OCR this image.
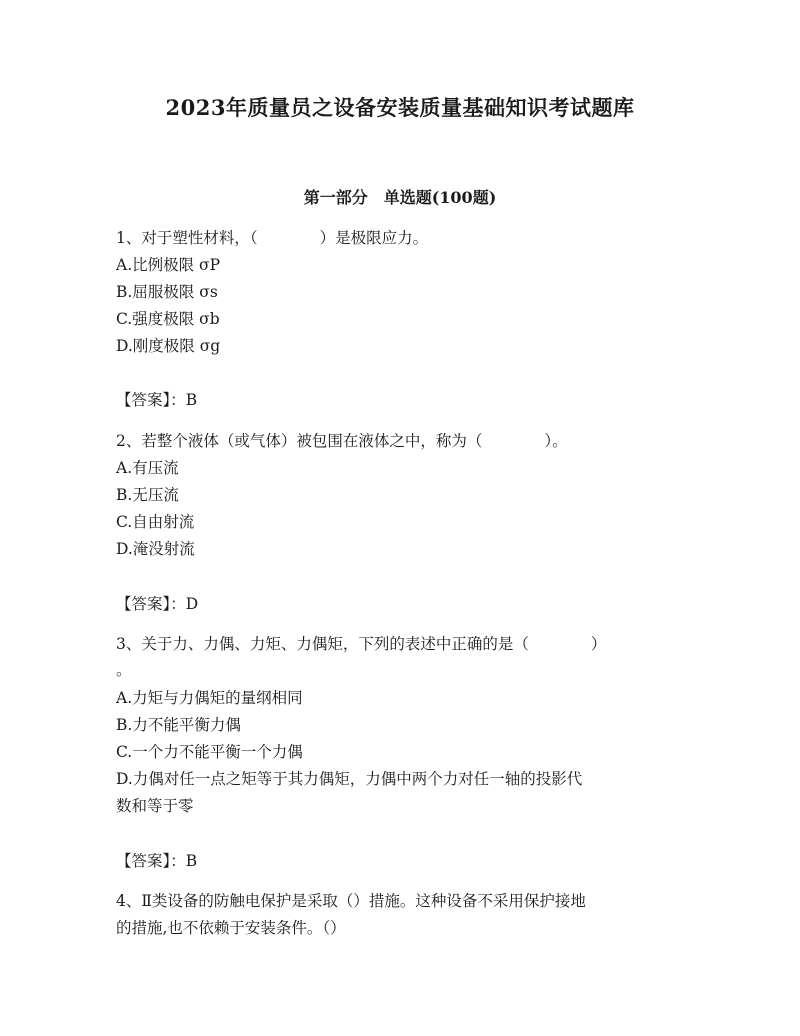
2023年质量员之设备安装质量基础知识考试题库
第一部分　单选题(100题)
1、对于塑性材料，（　　　　）是极限应力。
A.比例极限 σP
B.屈服极限 σs
C.强度极限 σb
D.刚度极限 σg
【答案】：B
2、若整个液体（或气体）被包围在液体之中，称为（　　　　）。
A.有压流
B.无压流
C.自由射流
D.淹没射流
【答案】：D
3、关于力、力偶、力矩、力偶矩，下列的表述中正确的是（　　　　）
。
A.力矩与力偶矩的量纲相同
B.力不能平衡力偶
C.一个力不能平衡一个力偶
D.力偶对任一点之矩等于其力偶矩，力偶中两个力对任一轴的投影代
数和等于零
【答案】：B
4、Ⅱ类设备的防触电保护是采取（）措施。这种设备不采用保护接地
的措施,也不依赖于安装条件。（）
